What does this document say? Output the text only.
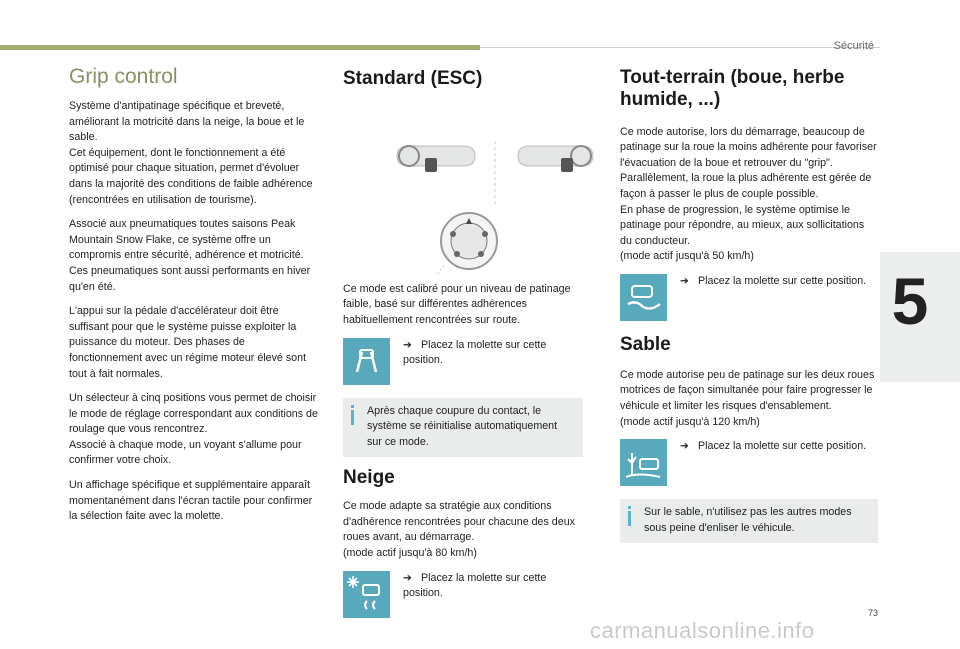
Sécurité
5
73
Grip control

Système d'antipatinage spécifique et breveté, améliorant la motricité dans la neige, la boue et le sable.
Cet équipement, dont le fonctionnement a été optimisé pour chaque situation, permet d'évoluer dans la majorité des conditions de faible adhérence (rencontrées en utilisation de tourisme).

Associé aux pneumatiques toutes saisons Peak Mountain Snow Flake, ce système offre un compromis entre sécurité, adhérence et motricité. Ces pneumatiques sont aussi performants en hiver qu'en été.

L'appui sur la pédale d'accélérateur doit être suffisant pour que le système puisse exploiter la puissance du moteur. Des phases de fonctionnement avec un régime moteur élevé sont tout à fait normales.

Un sélecteur à cinq positions vous permet de choisir le mode de réglage correspondant aux conditions de roulage que vous rencontrez.
Associé à chaque mode, un voyant s'allume pour confirmer votre choix.

Un affichage spécifique et supplémentaire apparaît momentanément dans l'écran tactile pour confirmer la sélection faite avec la molette.

Standard (ESC)

Ce mode est calibré pour un niveau de patinage faible, basé sur différentes adhérences habituellement rencontrées sur route.

➔ Placez la molette sur cette position.

Après chaque coupure du contact, le système se réinitialise automatiquement sur ce mode.

Neige

Ce mode adapte sa stratégie aux conditions d'adhérence rencontrées pour chacune des deux roues avant, au démarrage.
(mode actif jusqu'à 80 km/h)

➔ Placez la molette sur cette position.
Tout-terrain (boue, herbe humide, ...)

Ce mode autorise, lors du démarrage, beaucoup de patinage sur la roue la moins adhérente pour favoriser l'évacuation de la boue et retrouver du "grip". Parallèlement, la roue la plus adhérente est gérée de façon à passer le plus de couple possible.
En phase de progression, le système optimise le patinage pour répondre, au mieux, aux sollicitations du conducteur.
(mode actif jusqu'à 50 km/h)

➔ Placez la molette sur cette position.
Sable

Ce mode autorise peu de patinage sur les deux roues motrices de façon simultanée pour faire progresser le véhicule et limiter les risques d'ensablement.
(mode actif jusqu'à 120 km/h)

➔ Placez la molette sur cette position.

Sur le sable, n'utilisez pas les autres modes sous peine d'enliser le véhicule.

carmanualsonline.info
